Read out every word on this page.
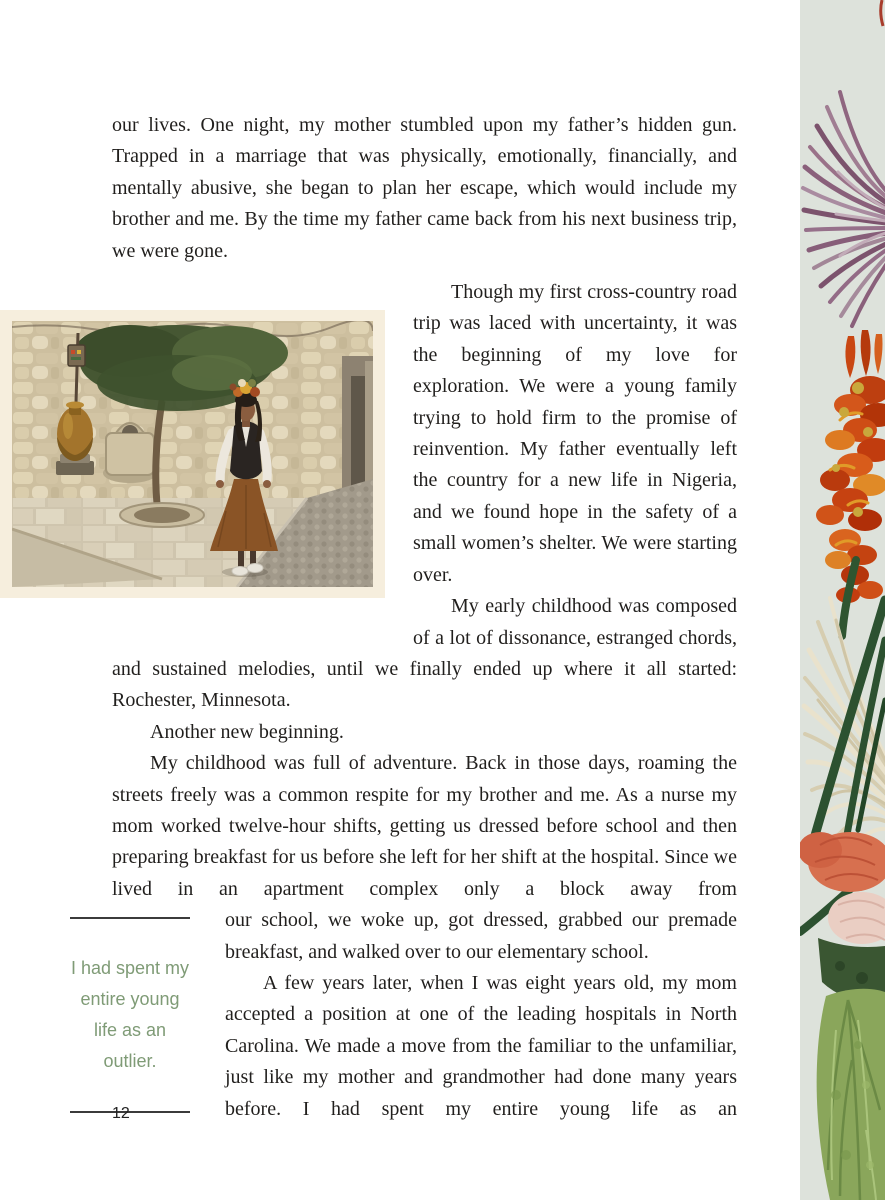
our lives. One night, my mother stumbled upon my father’s hidden gun. Trapped in a marriage that was physically, emotionally, financially, and mentally abusive, she began to plan her escape, which would include my brother and me. By the time my father came back from his next business trip, we were gone.

Though my first cross-country road trip was laced with uncertainty, it was the beginning of my love for exploration. We were a young family trying to hold firm to the promise of reinvention. My father eventually left the country for a new life in Nigeria, and we found hope in the safety of a small women’s shelter. We were starting over.

My early childhood was composed of a lot of dissonance, estranged chords, and sustained melodies, until we finally ended up where it all started: Rochester, Minnesota.

Another new beginning.

My childhood was full of adventure. Back in those days, roaming the streets freely was a common respite for my brother and me. As a nurse my mom worked twelve-hour shifts, getting us dressed before school and then preparing breakfast for us before she left for her shift at the hospital. Since we lived in an apartment complex only a block away from

I had spent my entire young life as an outlier.

our school, we woke up, got dressed, grabbed our premade breakfast, and walked over to our elementary school.

A few years later, when I was eight years old, my mom accepted a position at one of the leading hospitals in North Carolina. We made a move from the familiar to the unfamiliar, just like my mother and grandmother had done many years before. I had spent my entire young life as an

12
